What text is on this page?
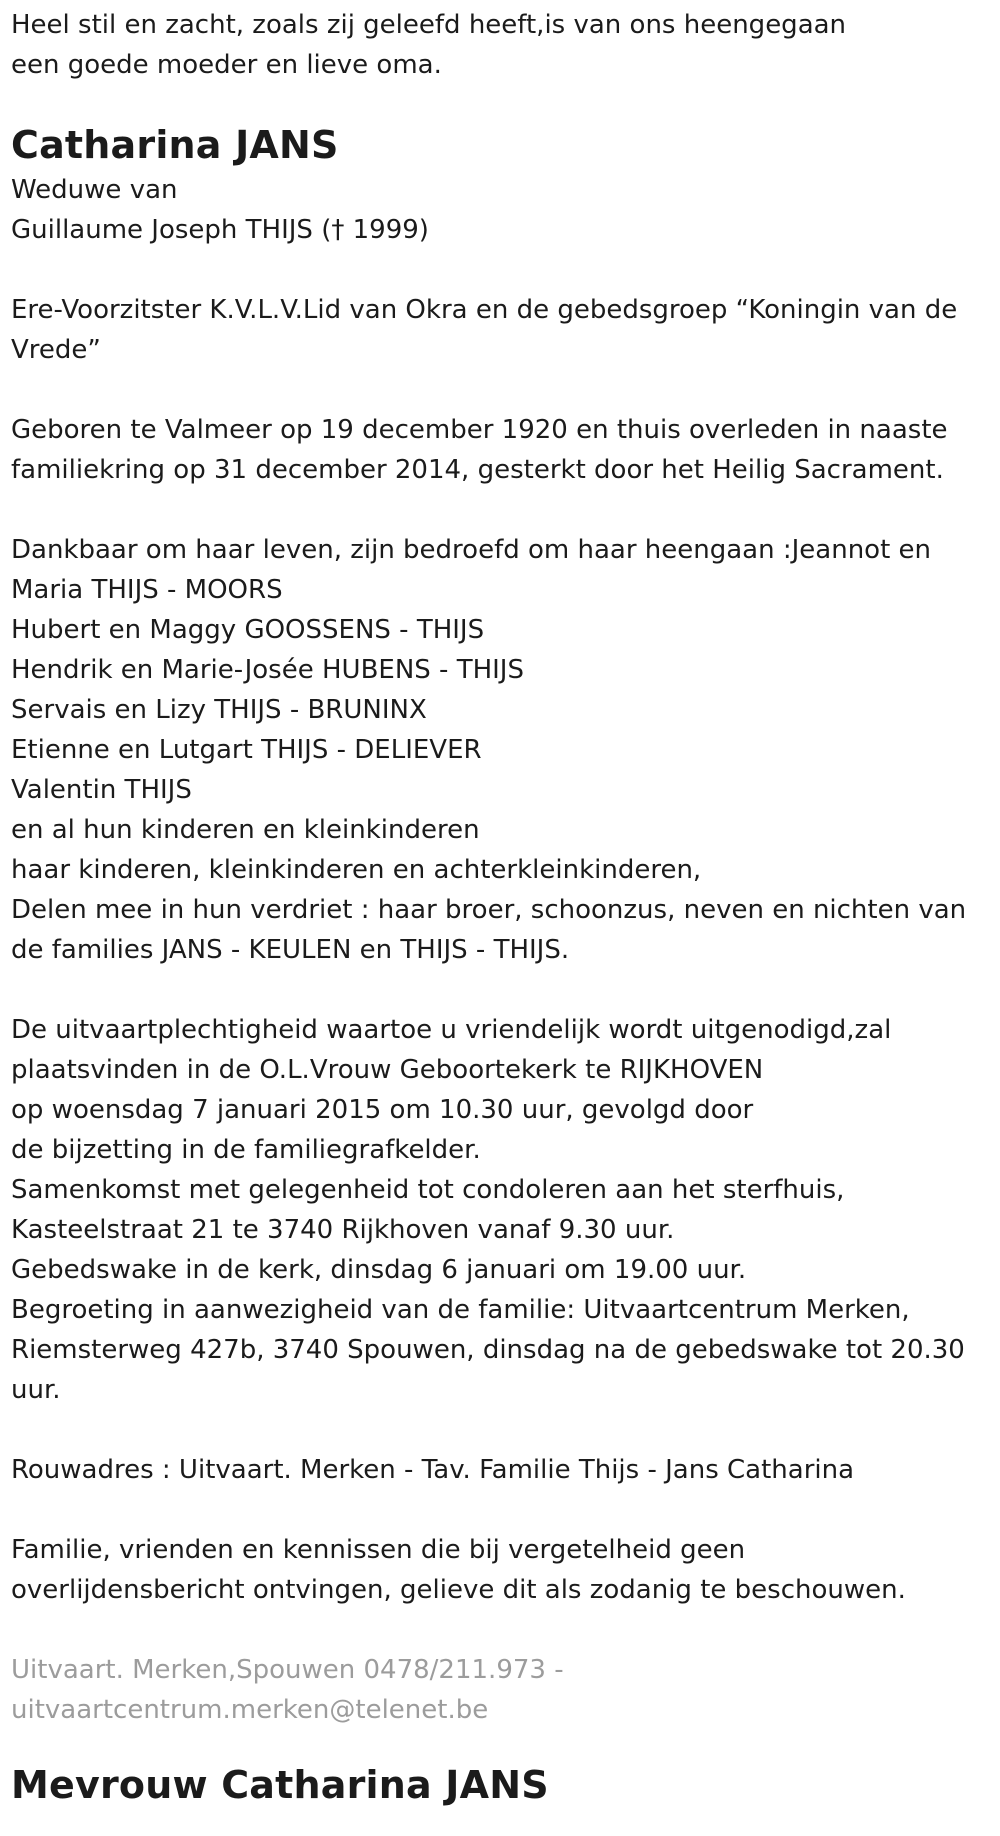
Heel stil en zacht, zoals zij geleefd heeft,is van ons heengegaan

een goede moeder en lieve oma.

Catharina JANS

Weduwe van

Guillaume Joseph THIJS († 1999)

Ere-Voorzitster K.V.L.V.Lid van Okra en de gebedsgroep “Koningin van de

Vrede”

Geboren te Valmeer op 19 december 1920 en thuis overleden in naaste

familiekring op 31 december 2014, gesterkt door het Heilig Sacrament.

Dankbaar om haar leven, zijn bedroefd om haar heengaan :Jeannot en

Maria THIJS - MOORS

Hubert en Maggy GOOSSENS - THIJS

Hendrik en Marie-Josée HUBENS - THIJS

Servais en Lizy THIJS - BRUNINX

Etienne en Lutgart THIJS - DELIEVER

Valentin THIJS

en al hun kinderen en kleinkinderen

haar kinderen, kleinkinderen en achterkleinkinderen,

Delen mee in hun verdriet : haar broer, schoonzus, neven en nichten van

de families JANS - KEULEN en THIJS - THIJS.

De uitvaartplechtigheid waartoe u vriendelijk wordt uitgenodigd,zal

plaatsvinden in de O.L.Vrouw Geboortekerk te RIJKHOVEN

op woensdag 7 januari 2015 om 10.30 uur, gevolgd door

de bijzetting in de familiegrafkelder.

Samenkomst met gelegenheid tot condoleren aan het sterfhuis,

Kasteelstraat 21 te 3740 Rijkhoven vanaf 9.30 uur.

Gebedswake in de kerk, dinsdag 6 januari om 19.00 uur.

Begroeting in aanwezigheid van de familie: Uitvaartcentrum Merken,

Riemsterweg 427b, 3740 Spouwen, dinsdag na de gebedswake tot 20.30

uur.

Rouwadres : Uitvaart. Merken - Tav. Familie Thijs - Jans Catharina

Familie, vrienden en kennissen die bij vergetelheid geen

overlijdensbericht ontvingen, gelieve dit als zodanig te beschouwen.

Uitvaart. Merken,Spouwen 0478/211.973 -

uitvaartcentrum.merken@telenet.be

Mevrouw Catharina JANS
